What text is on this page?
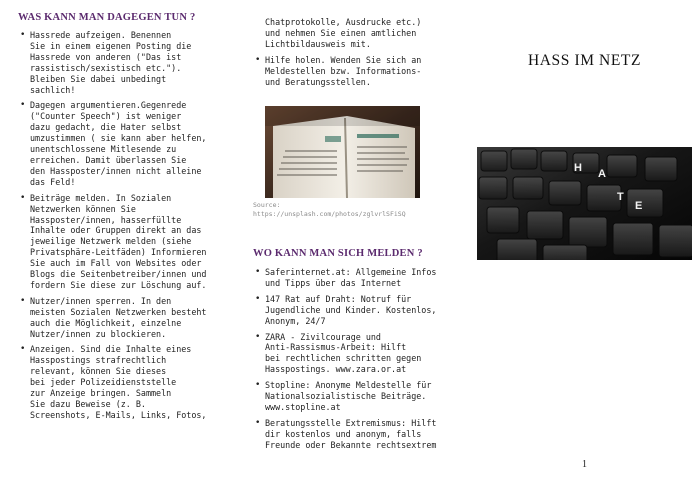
WAS KANN MAN DAGEGEN TUN ?
• Hassrede aufzeigen. Benennen
Sie in einem eigenen Posting die
Hassrede von anderen ("Das ist
rassistisch/sexistisch etc.").
Bleiben Sie dabei unbedingt
sachlich!
• Dagegen argumentieren.Gegenrede
("Counter Speech") ist weniger
dazu gedacht, die Hater selbst
umzustimmen ( sie kann aber helfen,
unentschlossene Mitlesende zu
erreichen. Damit überlassen Sie
den Hassposter/innen nicht alleine
das Feld!
• Beiträge melden. In Sozialen
Netzwerken können Sie
Hassposter/innen, hasserfüllte
Inhalte oder Gruppen direkt an das
jeweilige Netzwerk melden (siehe
Privatsphäre-Leitfäden) Informieren
Sie auch im Fall von Websites oder
Blogs die Seitenbetreiber/innen und
fordern Sie diese zur Löschung auf.
• Nutzer/innen sperren. In den
meisten Sozialen Netzwerken besteht
auch die Möglichkeit, einzelne
Nutzer/innen zu blockieren.
• Anzeigen. Sind die Inhalte eines
Hasspostings strafrechtlich
relevant, können Sie dieses
bei jeder Polizeidienststelle
zur Anzeige bringen. Sammeln
Sie dazu Beweise (z. B.
Screenshots, E-Mails, Links, Fotos,

Chatprotokolle, Ausdrucke etc.)
und nehmen Sie einen amtlichen
Lichtbildausweis mit.

• Hilfe holen. Wenden Sie sich an
Meldestellen bzw. Informations-
und Beratungsstellen.
Source:
https://unsplash.com/photos/zglvrlSFiSQ
WO KANN MAN SICH MELDEN ?
• Saferinternet.at: Allgemeine Infos
und Tipps über das Internet
• 147 Rat auf Draht: Notruf für
Jugendliche und Kinder. Kostenlos,
Anonym, 24/7
• ZARA - Zivilcourage und
Anti-Rassismus-Arbeit: Hilft
bei rechtlichen schritten gegen
Hasspostings. www.zara.or.at
• Stopline: Anonyme Meldestelle für
Nationalsozialistische Beiträge.
www.stopline.at
• Beratungsstelle Extremismus: Hilft
dir kostenlos und anonym, falls
Freunde oder Bekannte rechtsextrem
HASS IM NETZ
H A
T
E
1
